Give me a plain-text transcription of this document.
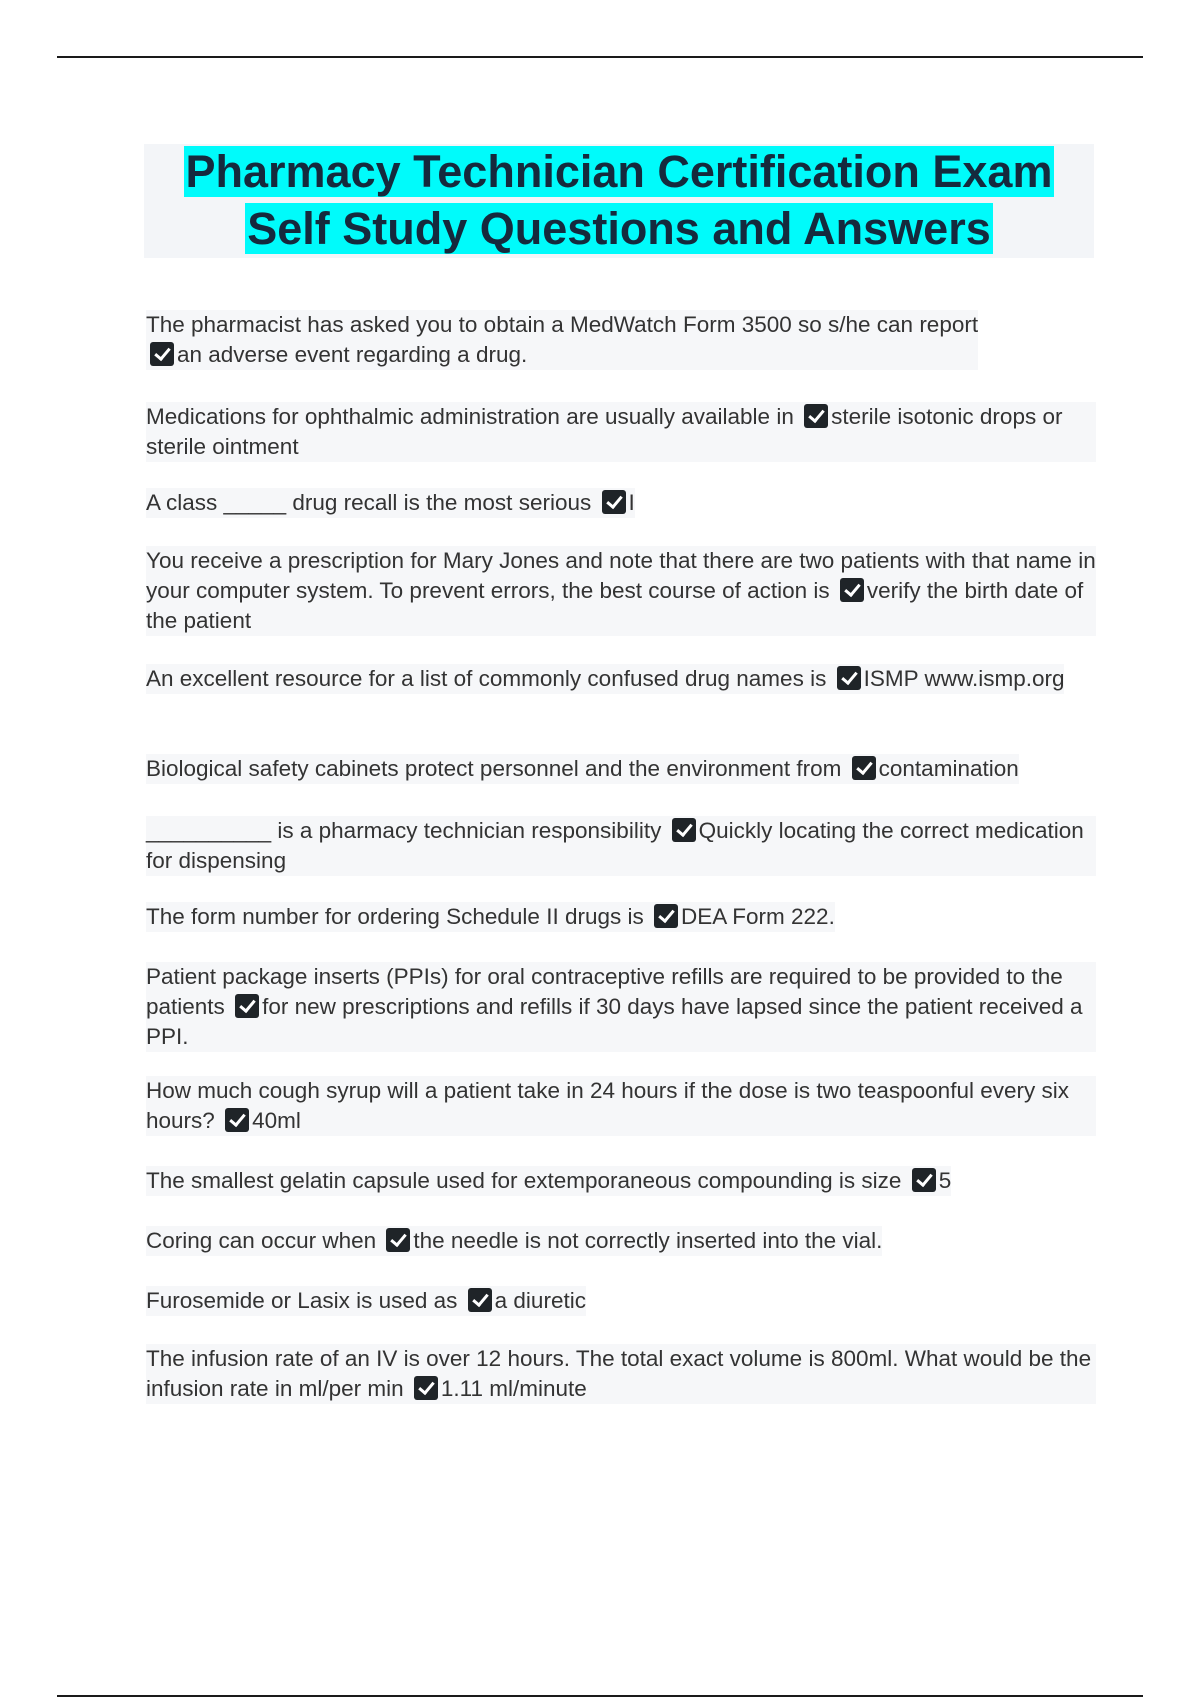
Pharmacy Technician Certification Exam
Self Study Questions and Answers
The pharmacist has asked you to obtain a MedWatch Form 3500 so s/he can report
an adverse event regarding a drug.
Medications for ophthalmic administration are usually available in sterile isotonic drops or sterile ointment
A class _____ drug recall is the most serious I
You receive a prescription for Mary Jones and note that there are two patients with that name in your computer system. To prevent errors, the best course of action is verify the birth date of the patient
An excellent resource for a list of commonly confused drug names is ISMP www.ismp.org
Biological safety cabinets protect personnel and the environment from contamination
__________ is a pharmacy technician responsibility Quickly locating the correct medication for dispensing
The form number for ordering Schedule II drugs is DEA Form 222.
Patient package inserts (PPIs) for oral contraceptive refills are required to be provided to the patients for new prescriptions and refills if 30 days have lapsed since the patient received a PPI.
How much cough syrup will a patient take in 24 hours if the dose is two teaspoonful every six hours? 40ml
The smallest gelatin capsule used for extemporaneous compounding is size 5
Coring can occur when the needle is not correctly inserted into the vial.
Furosemide or Lasix is used as a diuretic
The infusion rate of an IV is over 12 hours. The total exact volume is 800ml. What would be the infusion rate in ml/per min 1.11 ml/minute
